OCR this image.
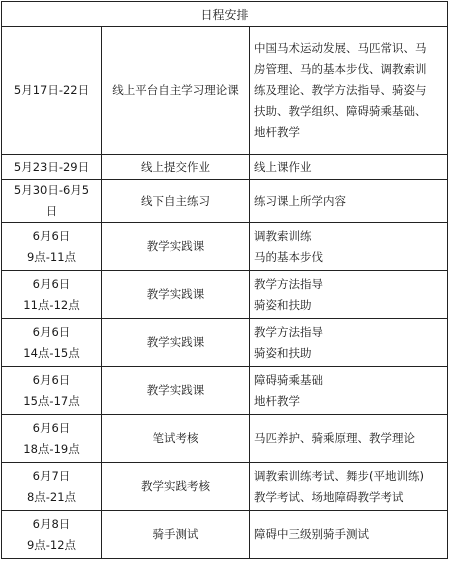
日程安排		

5月17日-22日	线上平台自主学习理论课	中国马术运动发展、马匹常识、马
房管理、马的基本步伐、调教索训
练及理论、教学方法指导、骑姿与
扶助、教学组织、障碍骑乘基础、
地杆教学

5月23日-29日	线上提交作业	线上课作业

5月30日-6月5
日	线下自主练习	练习课上所学内容

6月6日
9点-11点	教学实践课	调教索训练
马的基本步伐

6月6日
11点-12点	教学实践课	教学方法指导
骑姿和扶助

6月6日
14点-15点	教学实践课	教学方法指导
骑姿和扶助

6月6日
15点-17点	教学实践课	障碍骑乘基础
地杆教学

6月6日
18点-19点	笔试考核	马匹养护、骑乘原理、教学理论

6月7日
8点-21点	教学实践考核	调教索训练考试、舞步(平地训练)
教学考试、场地障碍教学考试

6月8日
9点-12点	骑手测试	障碍中三级别骑手测试
